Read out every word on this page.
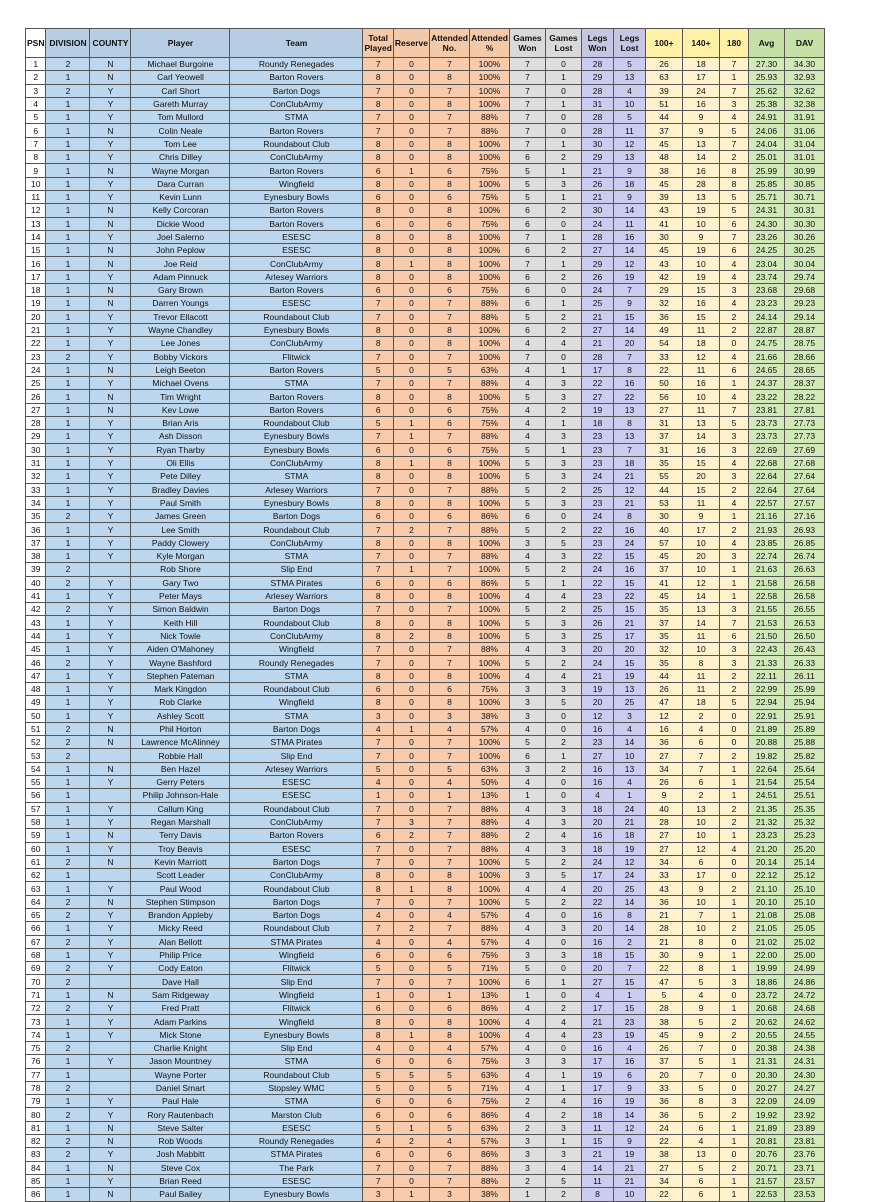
PSN	DIVISION	COUNTY	Player	Team	Total Played	Reserve	Attended No.	Attended %	Games Won	Games Lost	Legs Won	Legs Lost	100+	140+	180	Avg	DAV
1	2	N	Michael Burgoine	Roundy Renegades	7	0	7	100%	7	0	28	5	26	18	7	27.30	34.30
2	1	N	Carl Yeowell	Barton Rovers	8	0	8	100%	7	1	29	13	63	17	1	25.93	32.93
3	2	Y	Carl Short	Barton Dogs	7	0	7	100%	7	0	28	4	39	24	7	25.62	32.62
4	1	Y	Gareth Murray	ConClubArmy	8	0	8	100%	7	1	31	10	51	16	3	25.38	32.38
5	1	Y	Tom Mullord	STMA	7	0	7	88%	7	0	28	5	44	9	4	24.91	31.91
6	1	N	Colin Neale	Barton Rovers	7	0	7	88%	7	0	28	11	37	9	5	24.06	31.06
7	1	Y	Tom Lee	Roundabout Club	8	0	8	100%	7	1	30	12	45	13	7	24.04	31.04
8	1	Y	Chris Dilley	ConClubArmy	8	0	8	100%	6	2	29	13	48	14	2	25.01	31.01
9	1	N	Wayne Morgan	Barton Rovers	6	1	6	75%	5	1	21	9	38	16	8	25.99	30.99
10	1	Y	Dara Curran	Wingfield	8	0	8	100%	5	3	26	18	45	28	8	25.85	30.85
11	1	Y	Kevin Lunn	Eynesbury Bowls	6	0	6	75%	5	1	21	9	39	13	5	25.71	30.71
12	1	N	Kelly Corcoran	Barton Rovers	8	0	8	100%	6	2	30	14	43	19	5	24.31	30.31
13	1	N	Dickie Wood	Barton Rovers	6	0	6	75%	6	0	24	11	41	10	6	24.30	30.30
14	1	Y	Joel Salerno	ESESC	8	0	8	100%	7	1	28	16	30	9	7	23.26	30.26
15	1	N	John Peplow	ESESC	8	0	8	100%	6	2	27	14	45	19	6	24.25	30.25
16	1	N	Joe Reid	ConClubArmy	8	1	8	100%	7	1	29	12	43	10	4	23.04	30.04
17	1	Y	Adam Pinnuck	Arlesey Warriors	8	0	8	100%	6	2	26	19	42	19	4	23.74	29.74
18	1	N	Gary Brown	Barton Rovers	6	0	6	75%	6	0	24	7	29	15	3	23.68	29.68
19	1	N	Darren Youngs	ESESC	7	0	7	88%	6	1	25	9	32	16	4	23.23	29.23
20	1	Y	Trevor Ellacott	Roundabout Club	7	0	7	88%	5	2	21	15	36	15	2	24.14	29.14
21	1	Y	Wayne Chandley	Eynesbury Bowls	8	0	8	100%	6	2	27	14	49	11	2	22.87	28.87
22	1	Y	Lee Jones	ConClubArmy	8	0	8	100%	4	4	21	20	54	18	0	24.75	28.75
23	2	Y	Bobby Vickors	Flitwick	7	0	7	100%	7	0	28	7	33	12	4	21.66	28.66
24	1	N	Leigh Beeton	Barton Rovers	5	0	5	63%	4	1	17	8	22	11	6	24.65	28.65
25	1	Y	Michael Ovens	STMA	7	0	7	88%	4	3	22	16	50	16	1	24.37	28.37
26	1	N	Tim Wright	Barton Rovers	8	0	8	100%	5	3	27	22	56	10	4	23.22	28.22
27	1	N	Kev Lowe	Barton Rovers	6	0	6	75%	4	2	19	13	27	11	7	23.81	27.81
28	1	Y	Brian Aris	Roundabout Club	5	1	6	75%	4	1	18	8	31	13	5	23.73	27.73
29	1	Y	Ash Disson	Eynesbury Bowls	7	1	7	88%	4	3	23	13	37	14	3	23.73	27.73
30	1	Y	Ryan Tharby	Eynesbury Bowls	6	0	6	75%	5	1	23	7	31	16	3	22.69	27.69
31	1	Y	Oli Ellis	ConClubArmy	8	1	8	100%	5	3	23	18	35	15	4	22.68	27.68
32	1	Y	Pete Dilley	STMA	8	0	8	100%	5	3	24	21	55	20	3	22.64	27.64
33	1	Y	Bradley Davies	Arlesey Warriors	7	0	7	88%	5	2	25	12	44	15	2	22.64	27.64
34	1	Y	Paul Smith	Eynesbury Bowls	8	0	8	100%	5	3	23	21	53	11	4	22.57	27.57
35	2	Y	James Green	Barton Dogs	6	0	6	86%	6	0	24	8	30	9	1	21.16	27.16
36	1	Y	Lee Smith	Roundabout Club	7	2	7	88%	5	2	22	16	40	17	2	21.93	26.93
37	1	Y	Paddy Clowery	ConClubArmy	8	0	8	100%	3	5	23	24	57	10	4	23.85	26.85
38	1	Y	Kyle Morgan	STMA	7	0	7	88%	4	3	22	15	45	20	3	22.74	26.74
39	2		Rob Shore	Slip End	7	1	7	100%	5	2	24	16	37	10	1	21.63	26.63
40	2	Y	Gary Two	STMA Pirates	6	0	6	86%	5	1	22	15	41	12	1	21.58	26.58
41	1	Y	Peter Mays	Arlesey Warriors	8	0	8	100%	4	4	23	22	45	14	1	22.58	26.58
42	2	Y	Simon Baldwin	Barton Dogs	7	0	7	100%	5	2	25	15	35	13	3	21.55	26.55
43	1	Y	Keith Hill	Roundabout Club	8	0	8	100%	5	3	26	21	37	14	7	21.53	26.53
44	1	Y	Nick Towle	ConClubArmy	8	2	8	100%	5	3	25	17	35	11	6	21.50	26.50
45	1	Y	Aiden O'Mahoney	Wingfield	7	0	7	88%	4	3	20	20	32	10	3	22.43	26.43
46	2	Y	Wayne Bashford	Roundy Renegades	7	0	7	100%	5	2	24	15	35	8	3	21.33	26.33
47	1	Y	Stephen Pateman	STMA	8	0	8	100%	4	4	21	19	44	11	2	22.11	26.11
48	1	Y	Mark Kingdon	Roundabout Club	6	0	6	75%	3	3	19	13	26	11	2	22.99	25.99
49	1	Y	Rob Clarke	Wingfield	8	0	8	100%	3	5	20	25	47	18	5	22.94	25.94
50	1	Y	Ashley Scott	STMA	3	0	3	38%	3	0	12	3	12	2	0	22.91	25.91
51	2	N	Phil Horton	Barton Dogs	4	1	4	57%	4	0	16	4	16	4	0	21.89	25.89
52	2	N	Lawrence McAlinney	STMA Pirates	7	0	7	100%	5	2	23	14	36	6	0	20.88	25.88
53	2		Robbie Hall	Slip End	7	0	7	100%	6	1	27	10	27	7	2	19.82	25.82
54	1	N	Ben Hazel	Arlesey Warriors	5	0	5	63%	3	2	16	13	34	7	1	22.64	25.64
55	1	Y	Gerry Peters	ESESC	4	0	4	50%	4	0	16	4	26	6	1	21.54	25.54
56	1		Philip Johnson-Hale	ESESC	1	0	1	13%	1	0	4	1	9	2	1	24.51	25.51
57	1	Y	Callum King	Roundabout Club	7	0	7	88%	4	3	18	24	40	13	2	21.35	25.35
58	1	Y	Regan Marshall	ConClubArmy	7	3	7	88%	4	3	20	21	28	10	2	21.32	25.32
59	1	N	Terry Davis	Barton Rovers	6	2	7	88%	2	4	16	18	27	10	1	23.23	25.23
60	1	Y	Troy Beavis	ESESC	7	0	7	88%	4	3	18	19	27	12	4	21.20	25.20
61	2	N	Kevin Marriott	Barton Dogs	7	0	7	100%	5	2	24	12	34	6	0	20.14	25.14
62	1		Scott Leader	ConClubArmy	8	0	8	100%	3	5	17	24	33	17	0	22.12	25.12
63	1	Y	Paul Wood	Roundabout Club	8	1	8	100%	4	4	20	25	43	9	2	21.10	25.10
64	2	N	Stephen Stimpson	Barton Dogs	7	0	7	100%	5	2	22	14	36	10	1	20.10	25.10
65	2	Y	Brandon Appleby	Barton Dogs	4	0	4	57%	4	0	16	8	21	7	1	21.08	25.08
66	1	Y	Micky Reed	Roundabout Club	7	2	7	88%	4	3	20	14	28	10	2	21.05	25.05
67	2	Y	Alan Bellott	STMA Pirates	4	0	4	57%	4	0	16	2	21	8	0	21.02	25.02
68	1	Y	Philip Price	Wingfield	6	0	6	75%	3	3	18	15	30	9	1	22.00	25.00
69	2	Y	Cody Eaton	Flitwick	5	0	5	71%	5	0	20	7	22	8	1	19.99	24.99
70	2		Dave Hall	Slip End	7	0	7	100%	6	1	27	15	47	5	3	18.86	24.86
71	1	N	Sam Ridgeway	Wingfield	1	0	1	13%	1	0	4	1	5	4	0	23.72	24.72
72	2	Y	Fred Pratt	Flitwick	6	0	6	86%	4	2	17	15	28	9	1	20.68	24.68
73	1	Y	Adam Parkins	Wingfield	8	0	8	100%	4	4	21	23	38	5	2	20.62	24.62
74	1	Y	Mick Stone	Eynesbury Bowls	8	1	8	100%	4	4	23	19	45	9	2	20.55	24.55
75	2		Charlie Knight	Slip End	4	0	4	57%	4	0	16	4	26	7	0	20.38	24.38
76	1	Y	Jason Mountney	STMA	6	0	6	75%	3	3	17	16	37	5	1	21.31	24.31
77	1		Wayne Porter	Roundabout Club	5	5	5	63%	4	1	19	6	20	7	0	20.30	24.30
78	2		Daniel Smart	Stopsley WMC	5	0	5	71%	4	1	17	9	33	5	0	20.27	24.27
79	1	Y	Paul Hale	STMA	6	0	6	75%	2	4	16	19	36	8	3	22.09	24.09
80	2	Y	Rory Rautenbach	Marston Club	6	0	6	86%	4	2	18	14	36	5	2	19.92	23.92
81	1	N	Steve Salter	ESESC	5	1	5	63%	2	3	11	12	24	6	1	21.89	23.89
82	2	N	Rob Woods	Roundy Renegades	4	2	4	57%	3	1	15	9	22	4	1	20.81	23.81
83	2	Y	Josh Mabbitt	STMA Pirates	6	0	6	86%	3	3	21	19	38	13	0	20.76	23.76
84	1	N	Steve Cox	The Park	7	0	7	88%	3	4	14	21	27	5	2	20.71	23.71
85	1	Y	Brian Reed	ESESC	7	0	7	88%	2	5	11	21	34	6	1	21.57	23.57
86	1	N	Paul Bailey	Eynesbury Bowls	3	1	3	38%	1	2	8	10	22	6	1	22.53	23.53
